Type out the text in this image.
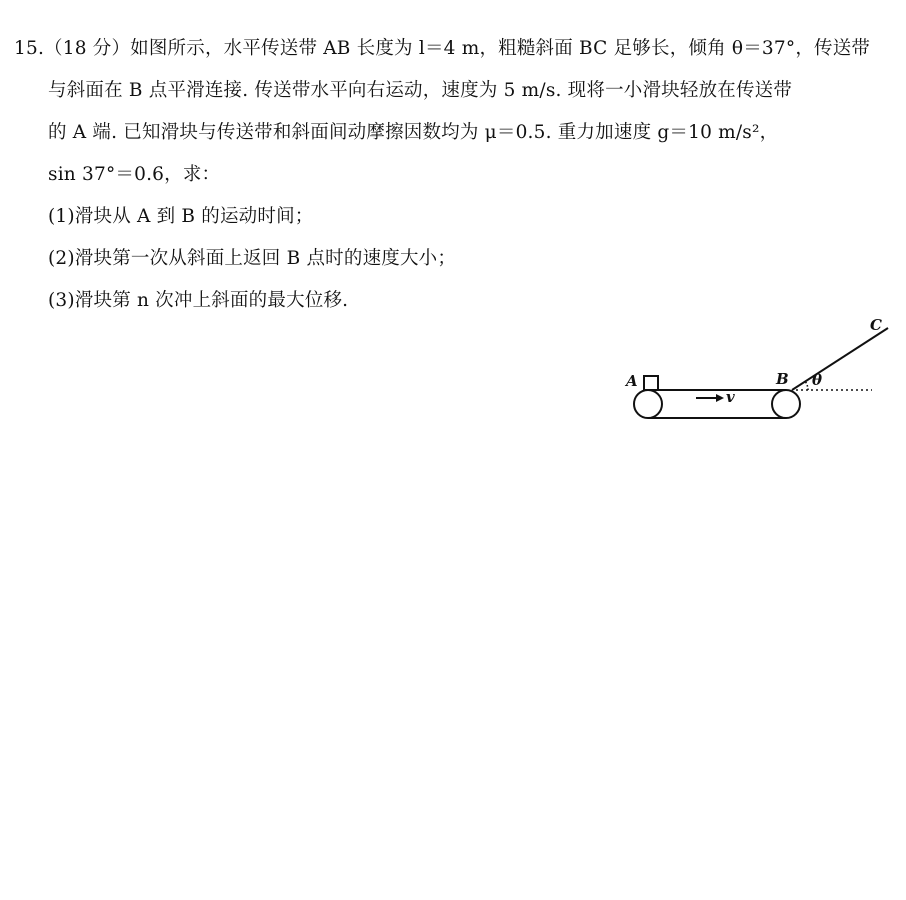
15.（18 分）如图所示，水平传送带 AB 长度为 l＝4 m，粗糙斜面 BC 足够长，倾角 θ＝37°，传送带
与斜面在 B 点平滑连接. 传送带水平向右运动，速度为 5 m/s. 现将一小滑块轻放在传送带
的 A 端. 已知滑块与传送带和斜面间动摩擦因数均为 μ＝0.5. 重力加速度 g＝10 m/s²，
sin 37°＝0.6，求：
(1)滑块从 A 到 B 的运动时间；
(2)滑块第一次从斜面上返回 B 点时的速度大小；
(3)滑块第 n 次冲上斜面的最大位移.
A	B
C
v
θ
